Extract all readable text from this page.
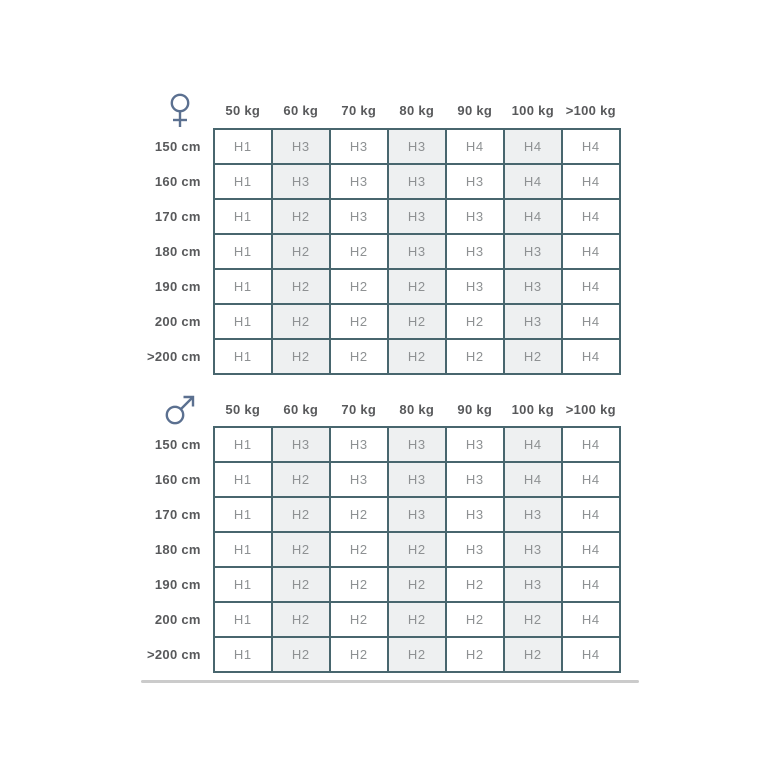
	50 kg	60 kg	70 kg	80 kg	90 kg	100 kg	>100 kg
150 cm	H1	H3	H3	H3	H4	H4	H4
160 cm	H1	H3	H3	H3	H3	H4	H4
170 cm	H1	H2	H3	H3	H3	H4	H4
180 cm	H1	H2	H2	H3	H3	H3	H4
190 cm	H1	H2	H2	H2	H3	H3	H4
200 cm	H1	H2	H2	H2	H2	H3	H4
>200 cm	H1	H2	H2	H2	H2	H2	H4
	50 kg	60 kg	70 kg	80 kg	90 kg	100 kg	>100 kg
150 cm	H1	H3	H3	H3	H3	H4	H4
160 cm	H1	H2	H3	H3	H3	H4	H4
170 cm	H1	H2	H2	H3	H3	H3	H4
180 cm	H1	H2	H2	H2	H3	H3	H4
190 cm	H1	H2	H2	H2	H2	H3	H4
200 cm	H1	H2	H2	H2	H2	H2	H4
>200 cm	H1	H2	H2	H2	H2	H2	H4
